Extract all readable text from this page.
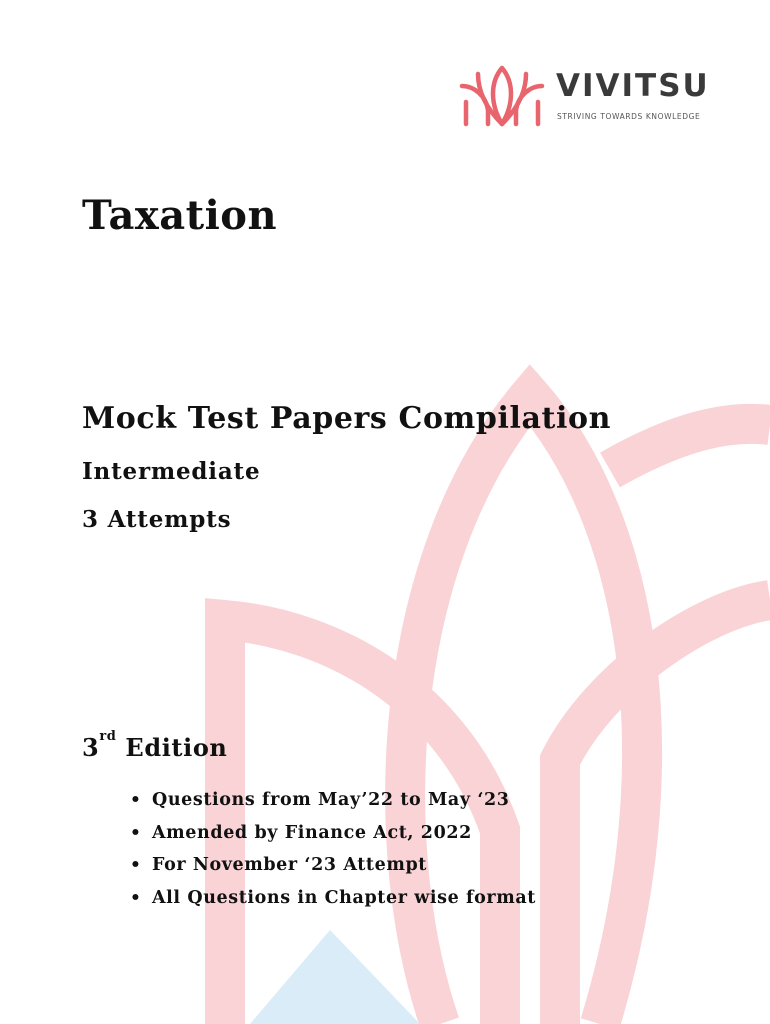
VIVITSU
STRIVING TOWARDS KNOWLEDGE
Taxation
Mock Test Papers Compilation
Intermediate
3 Attempts
3rd Edition
• Questions from May’22 to May ‘23
• Amended by Finance Act, 2022
• For November ‘23 Attempt
• All Questions in Chapter wise format
